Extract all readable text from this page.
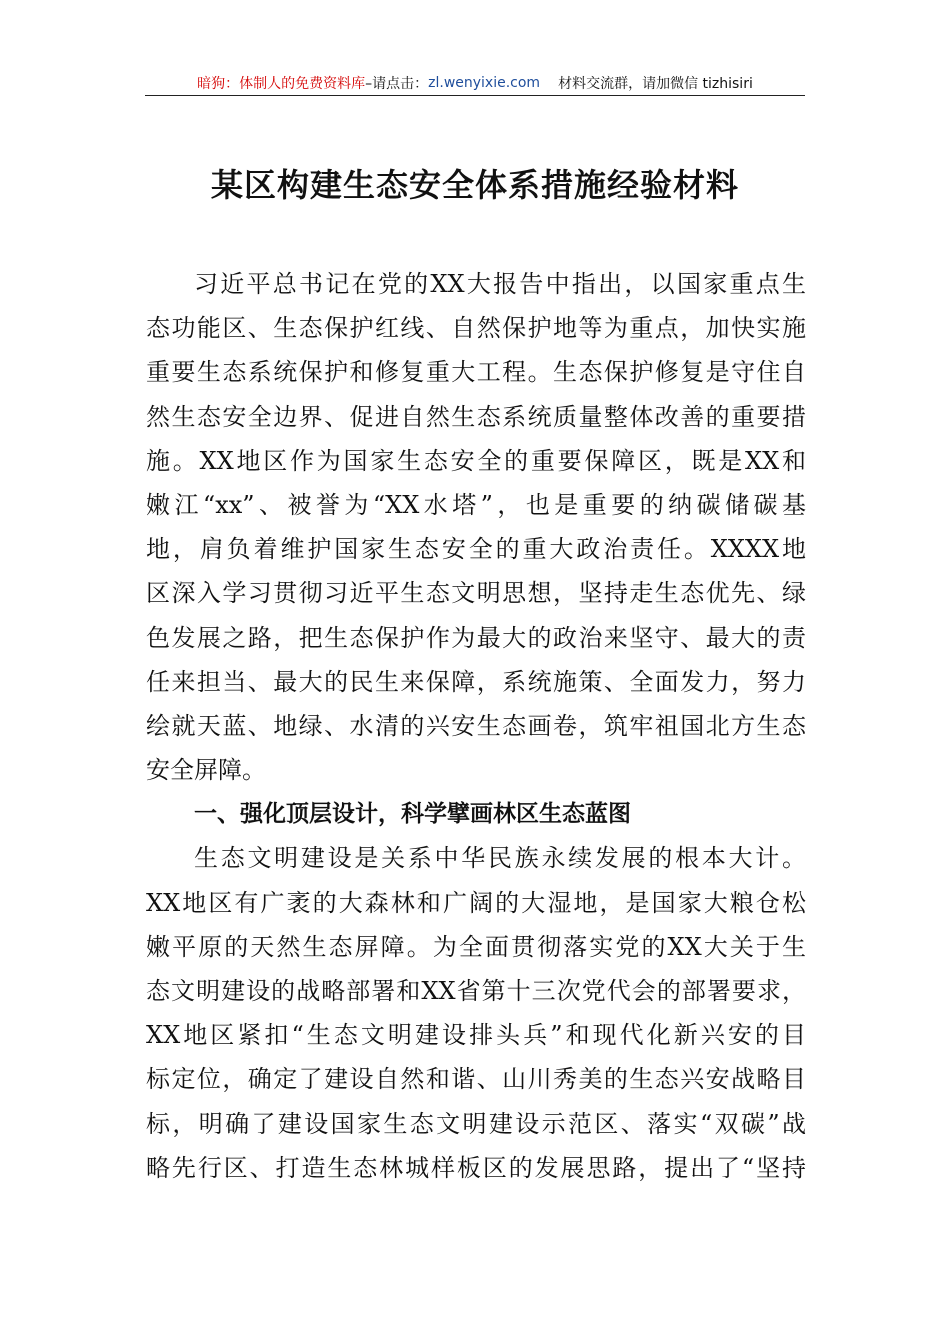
暗狗：体制人的免费资料库 –请点击： zl.wenyixie.com 材料交流群，请加微信 tizhisiri
某区构建生态安全体系措施经验材料
习近平总书记在党的XX大报告中指出，以国家重点生
态功能区、生态保护红线、自然保护地等为重点，加快实施
重要生态系统保护和修复重大工程。生态保护修复是守住自
然生态安全边界、促进自然生态系统质量整体改善的重要措
施。XX地区作为国家生态安全的重要保障区，既是XX和
嫩江“xx”、被誉为“XX水塔”，也是重要的纳碳储碳基
地，肩负着维护国家生态安全的重大政治责任。XXXX地
区深入学习贯彻习近平生态文明思想，坚持走生态优先、绿
色发展之路，把生态保护作为最大的政治来坚守、最大的责
任来担当、最大的民生来保障，系统施策、全面发力，努力
绘就天蓝、地绿、水清的兴安生态画卷，筑牢祖国北方生态
安全屏障。
一、强化顶层设计，科学擘画林区生态蓝图
生态文明建设是关系中华民族永续发展的根本大计。
XX地区有广袤的大森林和广阔的大湿地，是国家大粮仓松
嫩平原的天然生态屏障。为全面贯彻落实党的XX大关于生
态文明建设的战略部署和XX省第十三次党代会的部署要求，
XX地区紧扣“生态文明建设排头兵”和现代化新兴安的目
标定位，确定了建设自然和谐、山川秀美的生态兴安战略目
标，明确了建设国家生态文明建设示范区、落实“双碳”战
略先行区、打造生态林城样板区的发展思路，提出了“坚持
